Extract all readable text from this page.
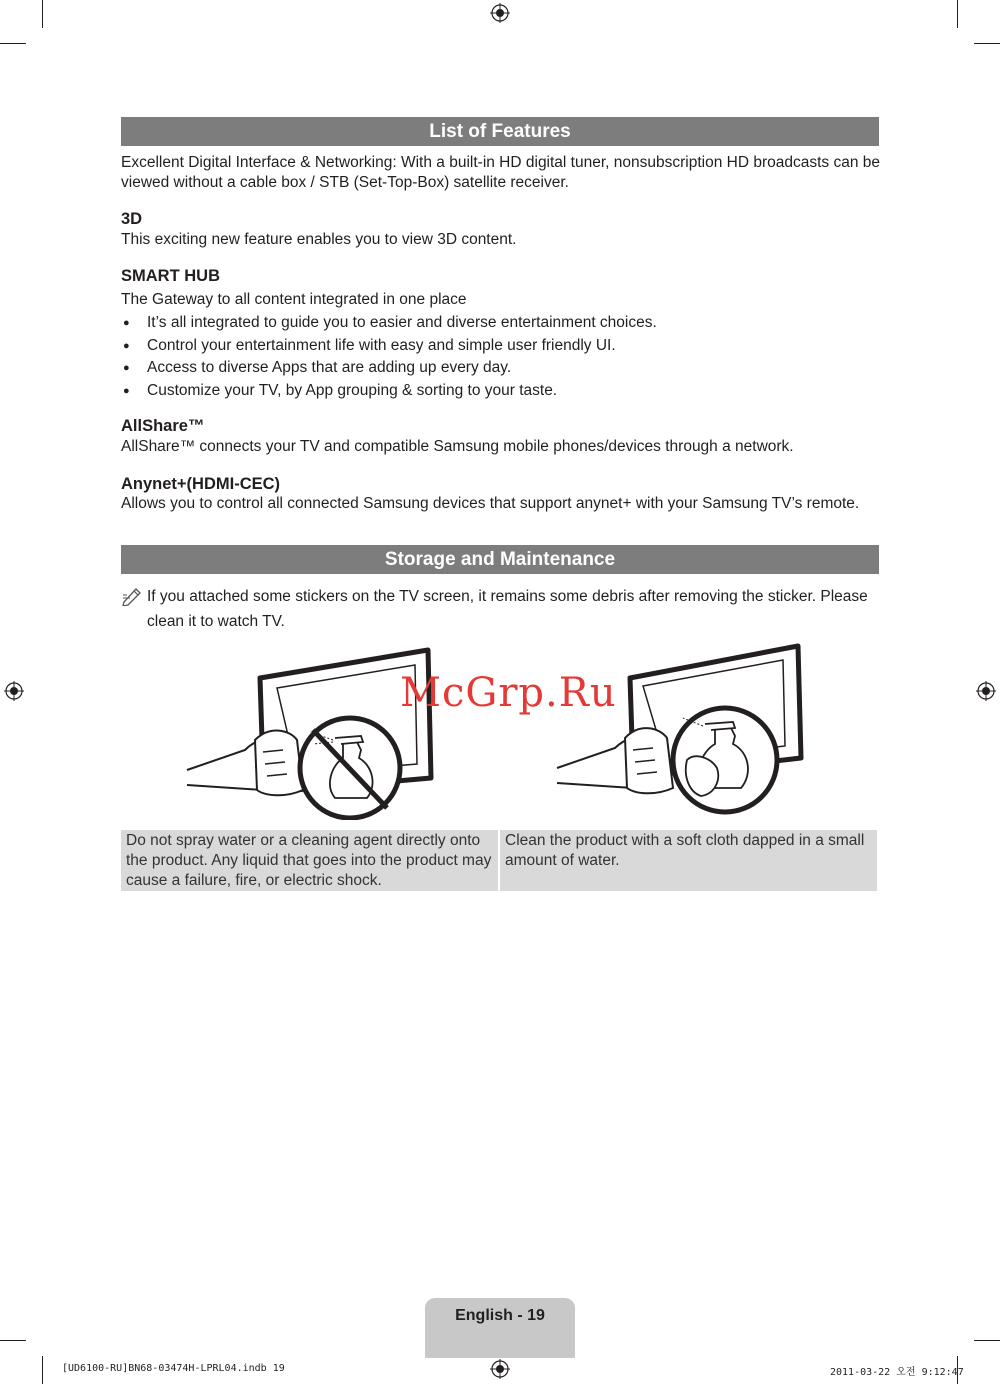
List of Features
Excellent Digital Interface & Networking: With a built-in HD digital tuner, nonsubscription HD broadcasts can be viewed without a cable box / STB (Set-Top-Box) satellite receiver.
3D
This exciting new feature enables you to view 3D content.
SMART HUB
The Gateway to all content integrated in one place
● It’s all integrated to guide you to easier and diverse entertainment choices.
● Control your entertainment life with easy and simple user friendly UI.
● Access to diverse Apps that are adding up every day.
● Customize your TV, by App grouping & sorting to your taste.
AllShare™
AllShare™ connects your TV and compatible Samsung mobile phones/devices through a network.
Anynet+(HDMI-CEC)
Allows you to control all connected Samsung devices that support anynet+ with your Samsung TV’s remote.
Storage and Maintenance
If you attached some stickers on the TV screen, it remains some debris after removing the sticker. Please clean it to watch TV.
McGrp.Ru
Do not spray water or a cleaning agent directly onto the product. Any liquid that goes into the product may cause a failure, fire, or electric shock.
Clean the product with a soft cloth dapped in a small amount of water.
English - 19
[UD6100-RU]BN68-03474H-LPRL04.indb 19	2011-03-22 오전 9:12:47
